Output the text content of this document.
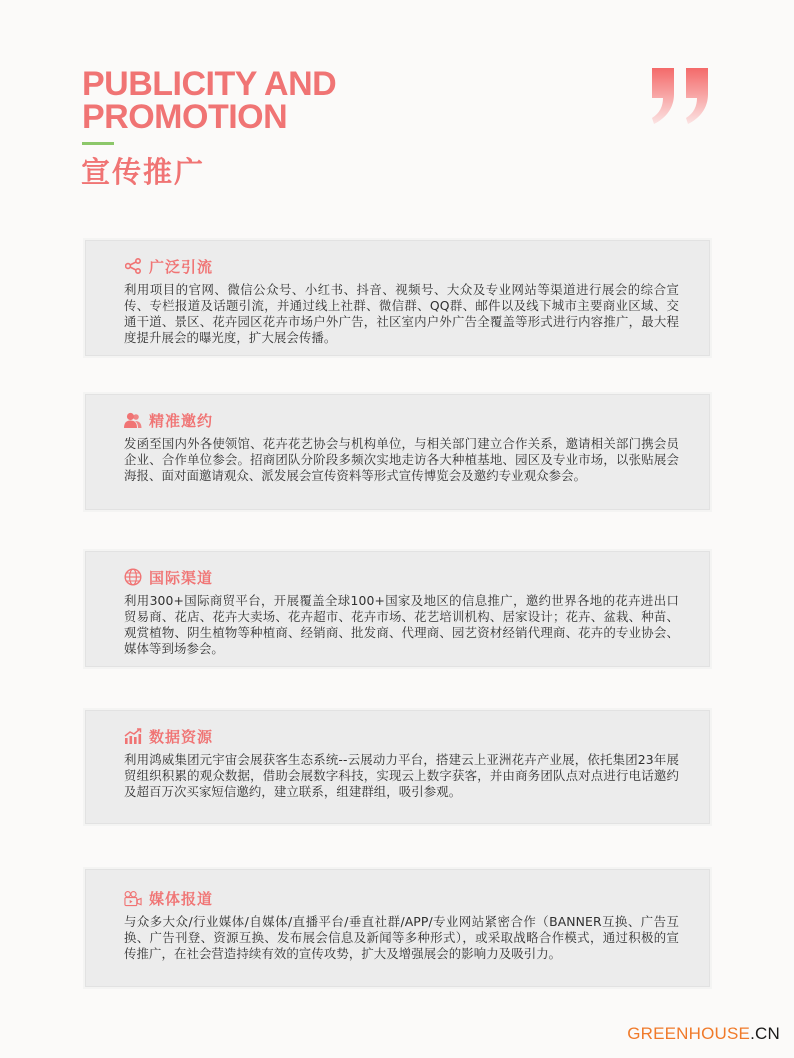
PUBLICITY AND
PROMOTION
宣传推广
广泛引流
利用项目的官网、微信公众号、小红书、抖音、视频号、大众及专业网站等渠道进行展会的综合宣传、专栏报道及话题引流，并通过线上社群、微信群、QQ群、邮件以及线下城市主要商业区域、交通干道、景区、花卉园区花卉市场户外广告，社区室内户外广告全覆盖等形式进行内容推广，最大程度提升展会的曝光度，扩大展会传播。
精准邀约
发函至国内外各使领馆、花卉花艺协会与机构单位，与相关部门建立合作关系，邀请相关部门携会员企业、合作单位参会。招商团队分阶段多频次实地走访各大种植基地、园区及专业市场，以张贴展会海报、面对面邀请观众、派发展会宣传资料等形式宣传博览会及邀约专业观众参会。
国际渠道
利用300+国际商贸平台，开展覆盖全球100+国家及地区的信息推广，邀约世界各地的花卉进出口贸易商、花店、花卉大卖场、花卉超市、花卉市场、花艺培训机构、居家设计；花卉、盆栽、种苗、观赏植物、阴生植物等种植商、经销商、批发商、代理商、园艺资材经销代理商、花卉的专业协会、媒体等到场参会。
数据资源
利用鸿威集团元宇宙会展获客生态系统--云展动力平台，搭建云上亚洲花卉产业展，依托集团23年展贸组织积累的观众数据，借助会展数字科技，实现云上数字获客，并由商务团队点对点进行电话邀约及超百万次买家短信邀约，建立联系，组建群组，吸引参观。
媒体报道
与众多大众/行业媒体/自媒体/直播平台/垂直社群/APP/专业网站紧密合作（BANNER互换、广告互换、广告刊登、资源互换、发布展会信息及新闻等多种形式），或采取战略合作模式，通过积极的宣传推广，在社会营造持续有效的宣传攻势，扩大及增强展会的影响力及吸引力。
GREENHOUSE.CN
